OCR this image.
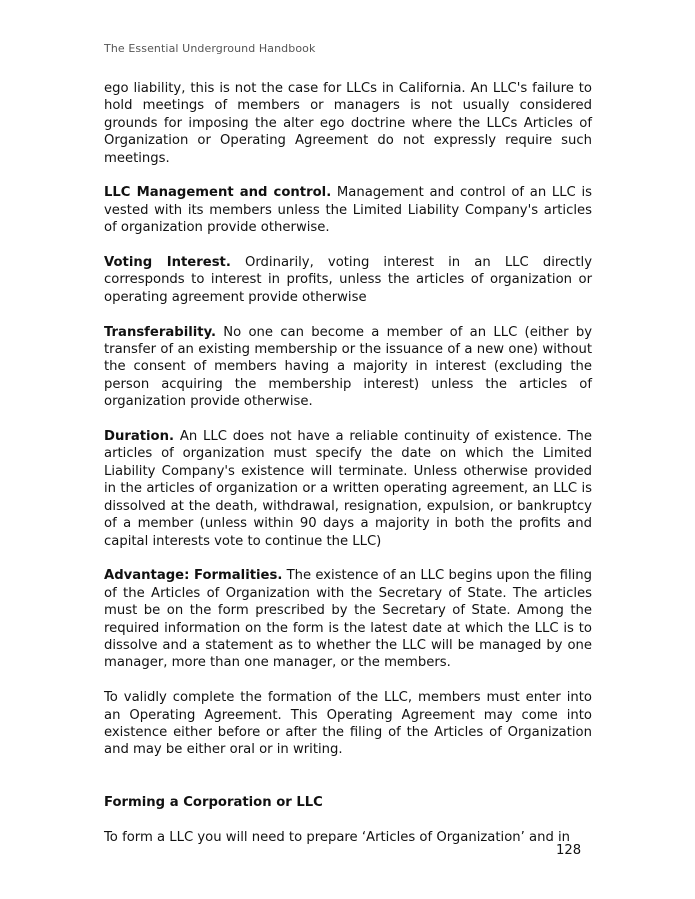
The Essential Underground Handbook

ego liability, this is not the case for LLCs in California. An LLC's failure to hold meetings of members or managers is not usually considered grounds for imposing the alter ego doctrine where the LLCs Articles of Organization or Operating Agreement do not expressly require such meetings.

LLC Management and control. Management and control of an LLC is vested with its members unless the Limited Liability Company's articles of organization provide otherwise.

Voting Interest. Ordinarily, voting interest in an LLC directly corresponds to interest in profits, unless the articles of organization or operating agreement provide otherwise

Transferability. No one can become a member of an LLC (either by transfer of an existing membership or the issuance of a new one) without the consent of members having a majority in interest (excluding the person acquiring the membership interest) unless the articles of organization provide otherwise.

Duration. An LLC does not have a reliable continuity of existence. The articles of organization must specify the date on which the Limited Liability Company's existence will terminate. Unless otherwise provided in the articles of organization or a written operating agreement, an LLC is dissolved at the death, withdrawal, resignation, expulsion, or bankruptcy of a member (unless within 90 days a majority in both the profits and capital interests vote to continue the LLC)

Advantage: Formalities. The existence of an LLC begins upon the filing of the Articles of Organization with the Secretary of State. The articles must be on the form prescribed by the Secretary of State. Among the required information on the form is the latest date at which the LLC is to dissolve and a statement as to whether the LLC will be managed by one manager, more than one manager, or the members.

To validly complete the formation of the LLC, members must enter into an Operating Agreement. This Operating Agreement may come into existence either before or after the filing of the Articles of Organization and may be either oral or in writing.

Forming a Corporation or LLC

To form a LLC you will need to prepare ‘Articles of Organization’ and in

128
